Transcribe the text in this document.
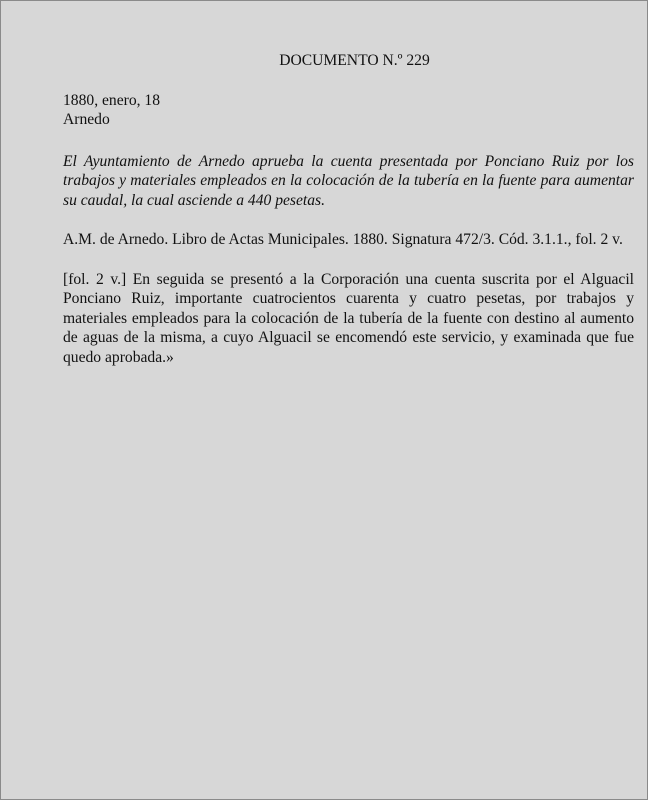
DOCUMENTO N.º 229

1880, enero, 18

Arnedo

El Ayuntamiento de Arnedo aprueba la cuenta presentada por Ponciano Ruiz por los trabajos y materiales empleados en la colocación de la tubería en la fuente para aumentar su caudal, la cual asciende a 440 pesetas.

A.M. de Arnedo. Libro de Actas Municipales. 1880. Signatura 472/3. Cód. 3.1.1., fol. 2 v.

[fol. 2 v.] En seguida se presentó a la Corporación una cuenta suscrita por el Alguacil Ponciano Ruiz, importante cuatrocientos cuarenta y cuatro pesetas, por trabajos y materiales empleados para la colocación de la tubería de la fuente con destino al aumento de aguas de la misma, a cuyo Alguacil se encomendó este servicio, y examinada que fue quedo aprobada.»
